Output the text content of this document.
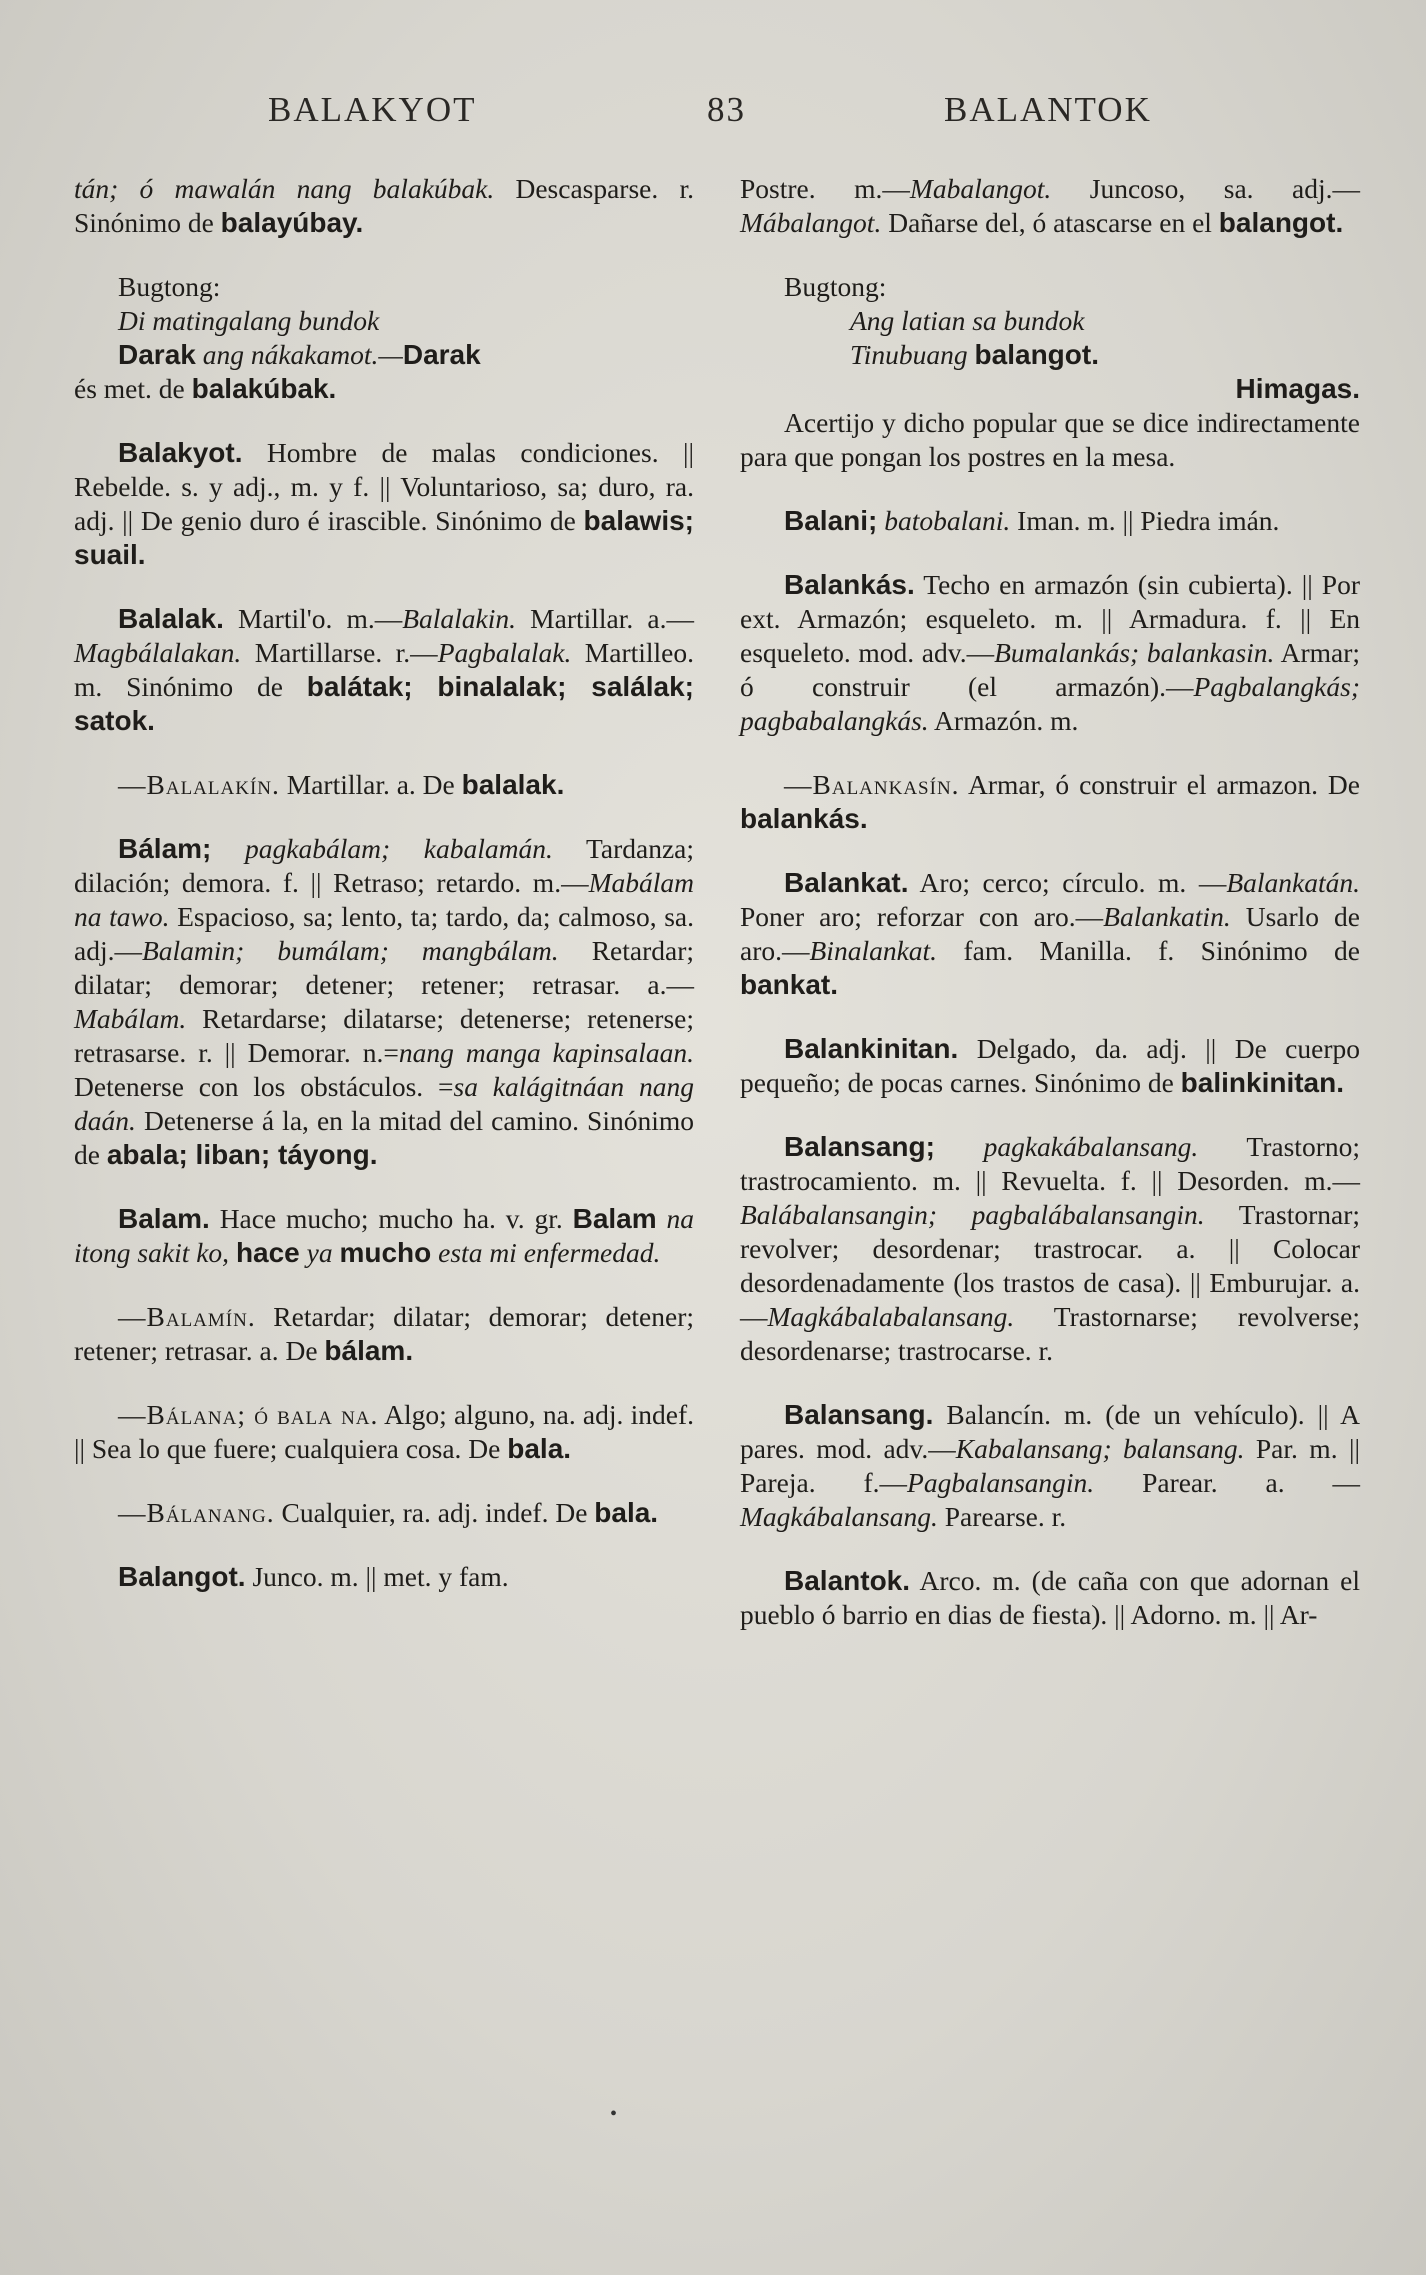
BALAKYOT	83	BALANTOK
tán; ó mawalán nang balakúbak. Descasparse. r. Sinónimo de balayúbay.
Bugtong:
Di matingalang bundok
Darak ang nákakamot.—Darak
és met. de balakúbak.
Balakyot. Hombre de malas condiciones. || Rebelde. s. y adj., m. y f. || Voluntarioso, sa; duro, ra. adj. || De genio duro é irascible. Sinónimo de balawis; suail.
Balalak. Martil'o. m.—Balalakin. Martillar. a.—Magbálalakan. Martillarse. r.—Pagbalalak. Martilleo. m. Sinónimo de balátak; binalalak; salálak; satok.
—Balalakín. Martillar. a. De balalak.
Bálam; pagkabálam; kabalamán. Tardanza; dilación; demora. f. || Retraso; retardo. m.—Mabálam na tawo. Espacioso, sa; lento, ta; tardo, da; calmoso, sa. adj.—Balamin; bumálam; mangbálam. Retardar; dilatar; demorar; detener; retener; retrasar. a.—Mabálam. Retardarse; dilatarse; detenerse; retenerse; retrasarse. r. || Demorar. n.=nang manga kapinsalaan. Detenerse con los obstáculos. =sa kalágitnáan nang daán. Detenerse á la, en la mitad del camino. Sinónimo de abala; liban; táyong.
Balam. Hace mucho; mucho ha. v. gr. Balam na itong sakit ko, hace ya mucho esta mi enfermedad.
—Balamín. Retardar; dilatar; demorar; detener; retener; retrasar. a. De bálam.
—Bálana; ó bala na. Algo; alguno, na. adj. indef. || Sea lo que fuere; cualquiera cosa. De bala.
—Bálanang. Cualquier, ra. adj. indef. De bala.
Balangot. Junco. m. || met. y fam.
Postre. m.—Mabalangot. Juncoso, sa. adj.—Mábalangot. Dañarse del, ó atascarse en el balangot.
Bugtong:
Ang latian sa bundok
Tinubuang balangot.
Himagas.
Acertijo y dicho popular que se dice indirectamente para que pongan los postres en la mesa.
Balani; batobalani. Iman. m. || Piedra imán.
Balankás. Techo en armazón (sin cubierta). || Por ext. Armazón; esqueleto. m. || Armadura. f. || En esqueleto. mod. adv.—Bumalankás; balankasin. Armar; ó construir (el armazón).—Pagbalangkás; pagbabalangkás. Armazón. m.
—Balankasín. Armar, ó construir el armazon. De balankás.
Balankat. Aro; cerco; círculo. m. —Balankatán. Poner aro; reforzar con aro.—Balankatin. Usarlo de aro.—Binalankat. fam. Manilla. f. Sinónimo de bankat.
Balankinitan. Delgado, da. adj. || De cuerpo pequeño; de pocas carnes. Sinónimo de balinkinitan.
Balansang; pagkakábalansang. Trastorno; trastrocamiento. m. || Revuelta. f. || Desorden. m.—Balábalansangin; pagbalábalansangin. Trastornar; revolver; desordenar; trastrocar. a. || Colocar desordenadamente (los trastos de casa). || Emburujar. a.—Magkábalabalansang. Trastornarse; revolverse; desordenarse; trastrocarse. r.
Balansang. Balancín. m. (de un vehículo). || A pares. mod. adv.—Kabalansang; balansang. Par. m. || Pareja. f.—Pagbalansangin. Parear. a. —Magkábalansang. Parearse. r.
Balantok. Arco. m. (de caña con que adornan el pueblo ó barrio en dias de fiesta). || Adorno. m. || Ar-
•
